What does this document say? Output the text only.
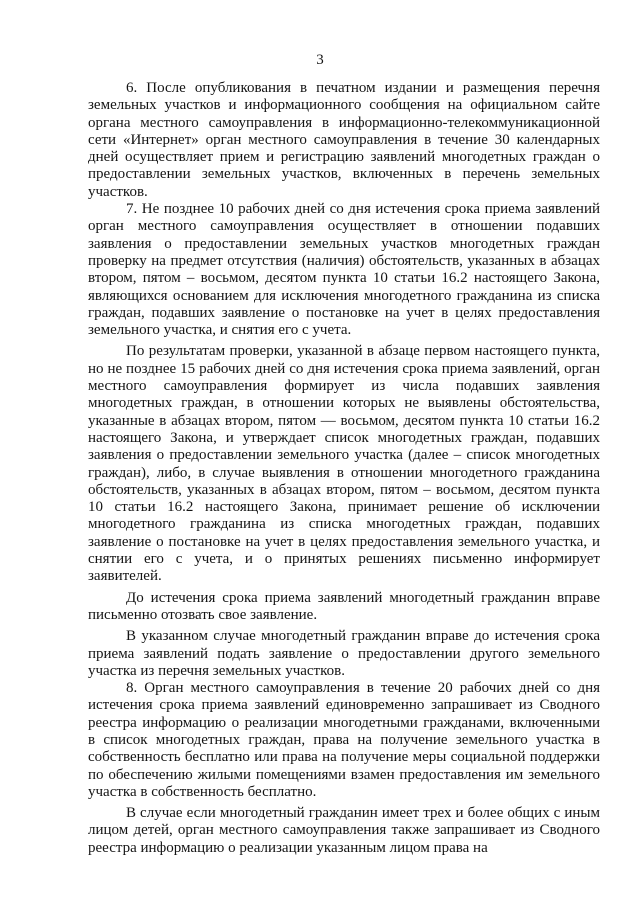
3

6. После опубликования в печатном издании и размещения перечня земельных участков и информационного сообщения на официальном сайте органа местного самоуправления в информационно-телекоммуникационной сети «Интернет» орган местного самоуправления в течение 30 календарных дней осуществляет прием и регистрацию заявлений многодетных граждан о предоставлении земельных участков, включенных в перечень земельных участков.

7. Не позднее 10 рабочих дней со дня истечения срока приема заявлений орган местного самоуправления осуществляет в отношении подавших заявления о предоставлении земельных участков многодетных граждан проверку на предмет отсутствия (наличия) обстоятельств, указанных в абзацах втором, пятом – восьмом, десятом пункта 10 статьи 16.2 настоящего Закона, являющихся основанием для исключения многодетного гражданина из списка граждан, подавших заявление о постановке на учет в целях предоставления земельного участка, и снятия его с учета.

По результатам проверки, указанной в абзаце первом настоящего пункта, но не позднее 15 рабочих дней со дня истечения срока приема заявлений, орган местного самоуправления формирует из числа подавших заявления многодетных граждан, в отношении которых не выявлены обстоятельства, указанные в абзацах втором, пятом — восьмом, десятом пункта 10 статьи 16.2 настоящего Закона, и утверждает список многодетных граждан, подавших заявления о предоставлении земельного участка (далее – список многодетных граждан), либо, в случае выявления в отношении многодетного гражданина обстоятельств, указанных в абзацах втором, пятом – восьмом, десятом пункта 10 статьи 16.2 настоящего Закона, принимает решение об исключении многодетного гражданина из списка многодетных граждан, подавших заявление о постановке на учет в целях предоставления земельного участка, и снятии его с учета, и о принятых решениях письменно информирует заявителей.

До истечения срока приема заявлений многодетный гражданин вправе письменно отозвать свое заявление.

В указанном случае многодетный гражданин вправе до истечения срока приема заявлений подать заявление о предоставлении другого земельного участка из перечня земельных участков.

8. Орган местного самоуправления в течение 20 рабочих дней со дня истечения срока приема заявлений единовременно запрашивает из Сводного реестра информацию о реализации многодетными гражданами, включенными в список многодетных граждан, права на получение земельного участка в собственность бесплатно или права на получение меры социальной поддержки по обеспечению жилыми помещениями взамен предоставления им земельного участка в собственность бесплатно.

В случае если многодетный гражданин имеет трех и более общих с иным лицом детей, орган местного самоуправления также запрашивает из Сводного реестра информацию о реализации указанным лицом права на
